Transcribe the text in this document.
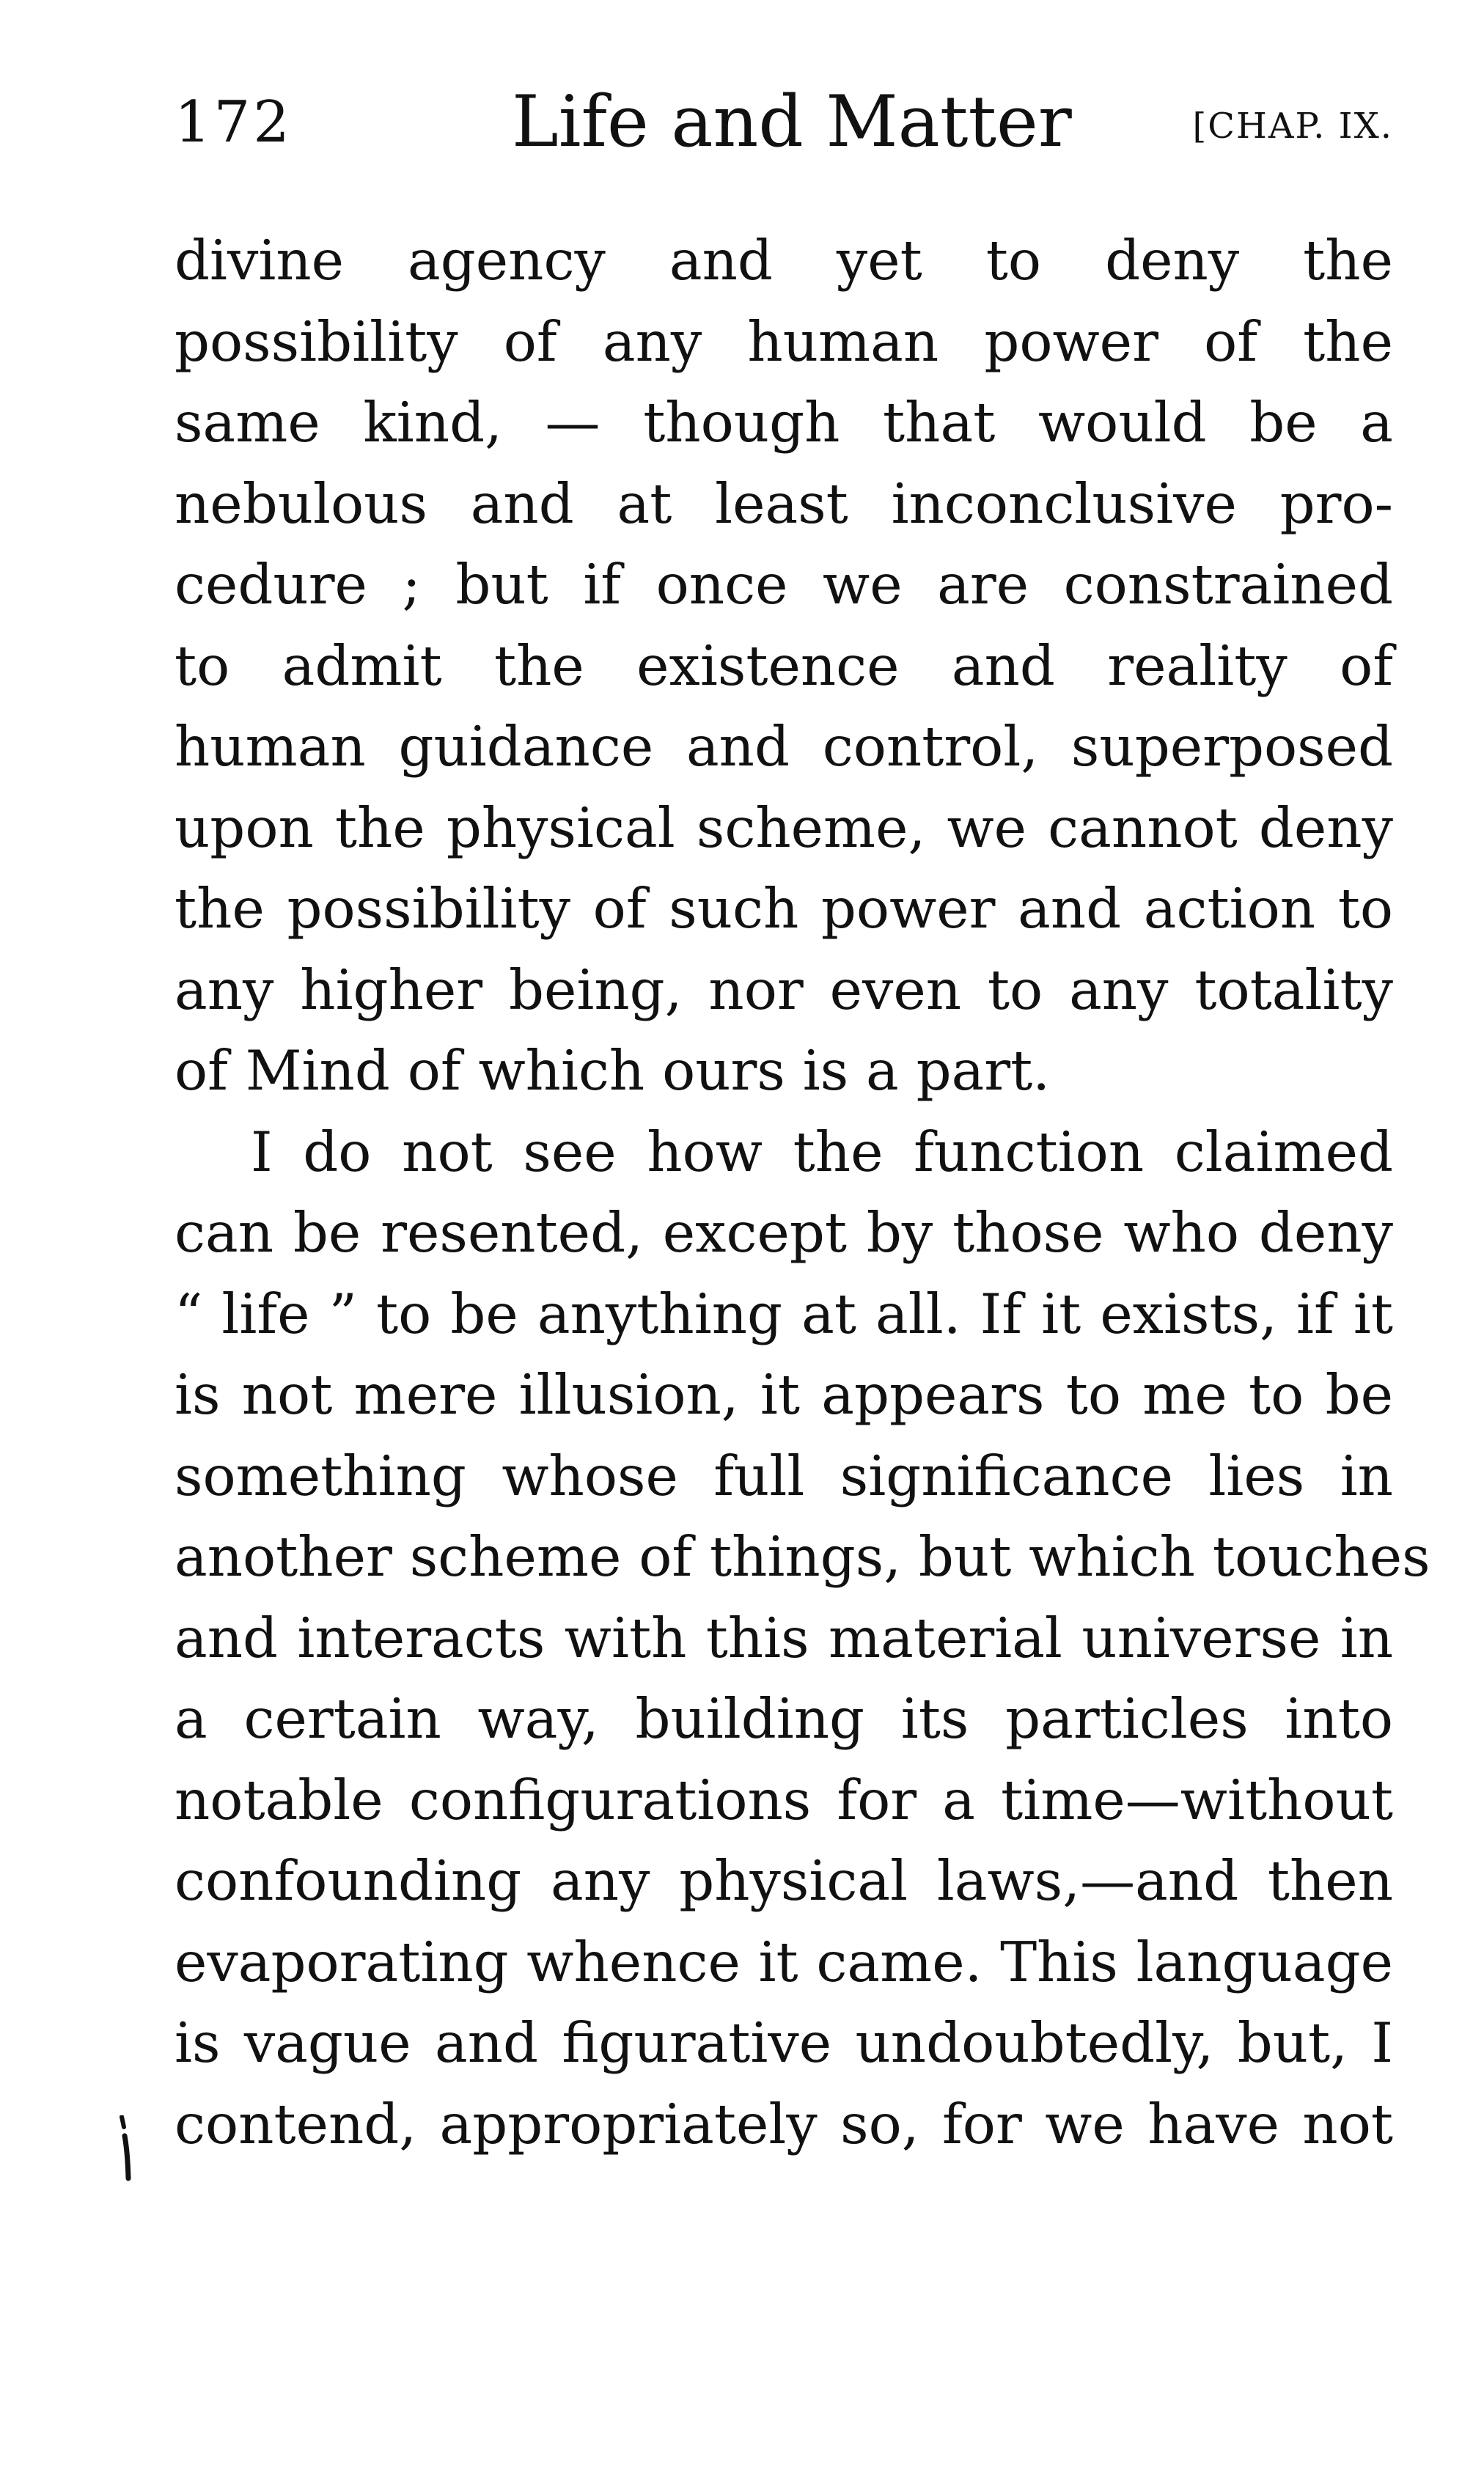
172	Life and Matter	[CHAP. IX.
divine agency and yet to deny the
possibility of any human power of the
same kind, — though that would be a
nebulous and at least inconclusive pro-
cedure ; but if once we are constrained
to admit the existence and reality of
human guidance and control, superposed
upon the physical scheme, we cannot deny
the possibility of such power and action to
any higher being, nor even to any totality
of Mind of which ours is a part.
I do not see how the function claimed
can be resented, except by those who deny
“ life ” to be anything at all. If it exists, if it
is not mere illusion, it appears to me to be
something whose full significance lies in
another scheme of things, but which touches
and interacts with this material universe in
a certain way, building its particles into
notable configurations for a time—without
confounding any physical laws,—and then
evaporating whence it came. This language
is vague and figurative undoubtedly, but, I
contend, appropriately so, for we have not
